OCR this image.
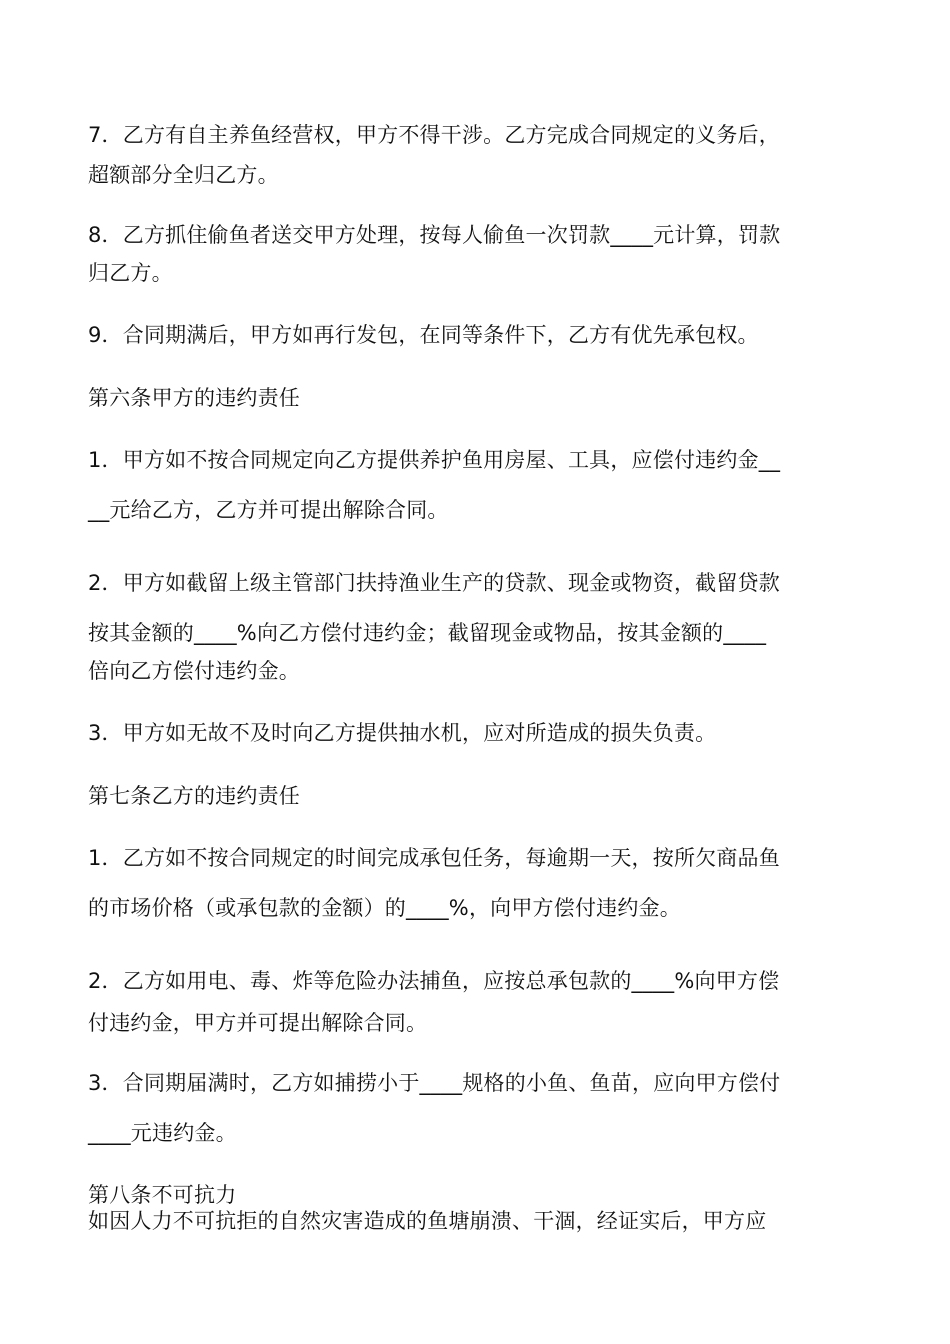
7．乙方有自主养鱼经营权，甲方不得干涉。乙方完成合同规定的义务后，
超额部分全归乙方。
8．乙方抓住偷鱼者送交甲方处理，按每人偷鱼一次罚款____元计算，罚款
归乙方。
9．合同期满后，甲方如再行发包，在同等条件下，乙方有优先承包权。
第六条甲方的违约责任
1．甲方如不按合同规定向乙方提供养护鱼用房屋、工具，应偿付违约金__
__元给乙方，乙方并可提出解除合同。
2．甲方如截留上级主管部门扶持渔业生产的贷款、现金或物资，截留贷款
按其金额的____%向乙方偿付违约金；截留现金或物品，按其金额的____
倍向乙方偿付违约金。
3．甲方如无故不及时向乙方提供抽水机，应对所造成的损失负责。
第七条乙方的违约责任
1．乙方如不按合同规定的时间完成承包任务，每逾期一天，按所欠商品鱼
的市场价格（或承包款的金额）的____%，向甲方偿付违约金。
2．乙方如用电、毒、炸等危险办法捕鱼，应按总承包款的____%向甲方偿
付违约金，甲方并可提出解除合同。
3．合同期届满时，乙方如捕捞小于____规格的小鱼、鱼苗，应向甲方偿付
____元违约金。
第八条不可抗力
如因人力不可抗拒的自然灾害造成的鱼塘崩溃、干涸，经证实后，甲方应
